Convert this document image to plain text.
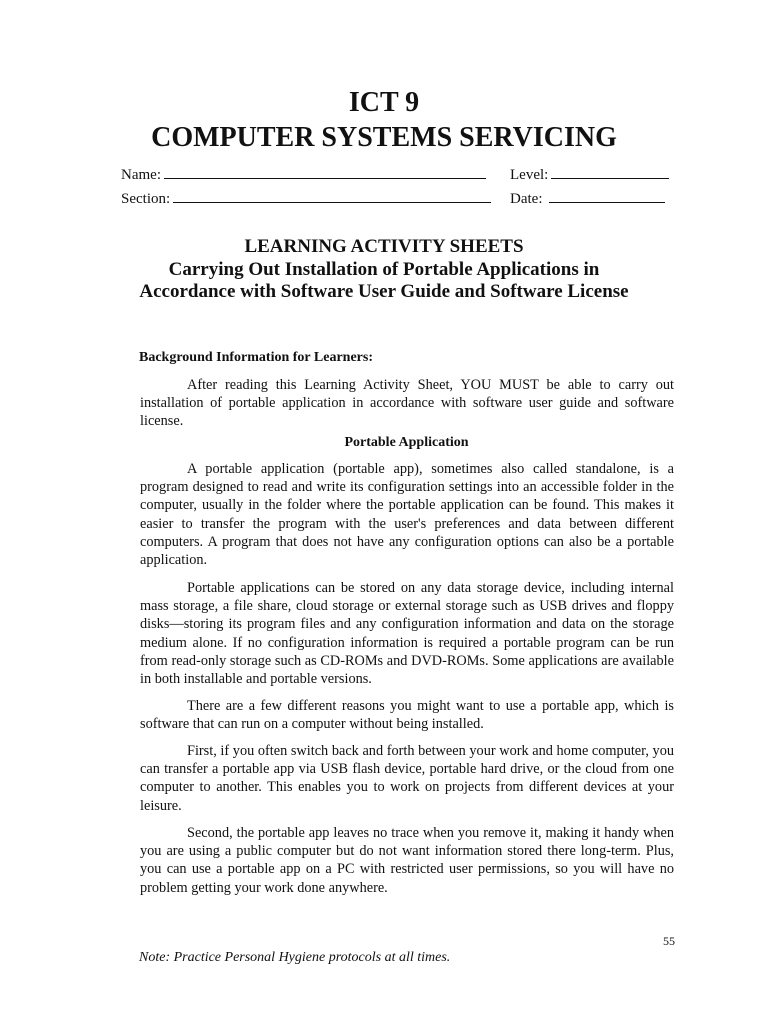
ICT 9
COMPUTER SYSTEMS SERVICING
Name:	Level:
Section:	Date:
LEARNING ACTIVITY SHEETS
Carrying Out Installation of Portable Applications in Accordance with Software User Guide and Software License
Background Information for Learners:

After reading this Learning Activity Sheet, YOU MUST be able to carry out installation of portable application in accordance with software user guide and software license.

Portable Application

A portable application (portable app), sometimes also called standalone, is a program designed to read and write its configuration settings into an accessible folder in the computer, usually in the folder where the portable application can be found. This makes it easier to transfer the program with the user's preferences and data between different computers. A program that does not have any configuration options can also be a portable application.

Portable applications can be stored on any data storage device, including internal mass storage, a file share, cloud storage or external storage such as USB drives and floppy disks—storing its program files and any configuration information and data on the storage medium alone. If no configuration information is required a portable program can be run from read-only storage such as CD-ROMs and DVD-ROMs. Some applications are available in both installable and portable versions.

There are a few different reasons you might want to use a portable app, which is software that can run on a computer without being installed.

First, if you often switch back and forth between your work and home computer, you can transfer a portable app via USB flash device, portable hard drive, or the cloud from one computer to another. This enables you to work on projects from different devices at your leisure.

Second, the portable app leaves no trace when you remove it, making it handy when you are using a public computer but do not want information stored there long-term. Plus, you can use a portable app on a PC with restricted user permissions, so you will have no problem getting your work done anywhere.

55
Note: Practice Personal Hygiene protocols at all times.
